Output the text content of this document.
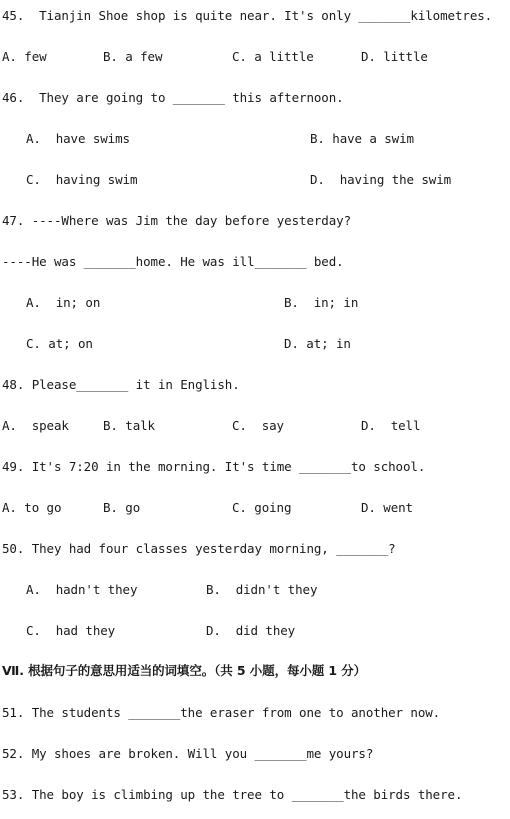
45.  Tianjin Shoe shop is quite near. It's only _______kilometres.
A. few	B. a few	C. a little	D. little
46.  They are going to _______ this afternoon.
A.  have swims	B. have a swim
C.  having swim	D.  having the swim
47. ----Where was Jim the day before yesterday?
----He was _______home. He was ill_______ bed.
A.  in; on	B.  in; in
C. at; on	D. at; in
48. Please_______ it in English.
A.  speak	B. talk	C.  say	D.  tell
49. It's 7:20 in the morning. It's time _______to school.
A. to go	B. go	C. going	D. went
50. They had four classes yesterday morning, _______?
A.  hadn't they	B.  didn't they
C.  had they	D.  did they
Ⅶ. 根据句子的意思用适当的词填空。（共 5 小题，每小题 1 分）
51. The students _______the eraser from one to another now.
52. My shoes are broken. Will you _______me yours?
53. The boy is climbing up the tree to _______the birds there.
